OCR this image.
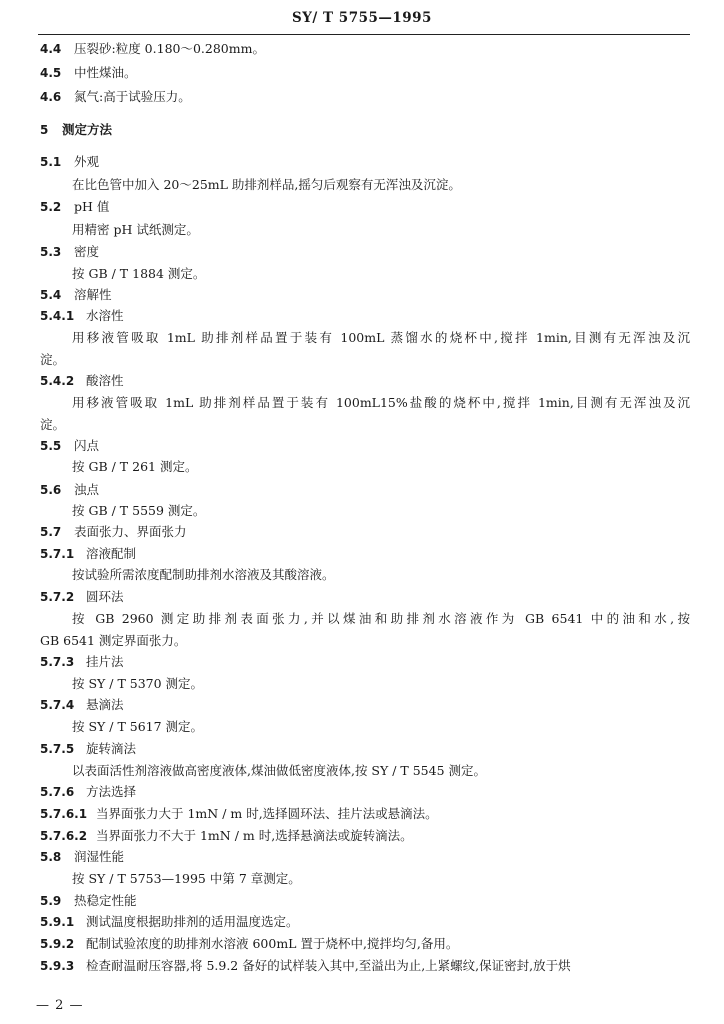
SY/ T 5755—1995
4.4 压裂砂:粒度 0.180～0.280mm。
4.5 中性煤油。
4.6 氮气:高于试验压力。
5 测定方法
5.1 外观
在比色管中加入 20～25mL 助排剂样品,摇匀后观察有无浑浊及沉淀。
5.2 pH 值
用精密 pH 试纸测定。
5.3 密度
按 GB / T 1884 测定。
5.4 溶解性
5.4.1 水溶性
用移液管吸取 1mL 助排剂样品置于装有 100mL 蒸馏水的烧杯中,搅拌 1min,目测有无浑浊及沉
淀。
5.4.2 酸溶性
用移液管吸取 1mL 助排剂样品置于装有 100mL15%盐酸的烧杯中,搅拌 1min,目测有无浑浊及沉
淀。
5.5 闪点
按 GB / T 261 测定。
5.6 浊点
按 GB / T 5559 测定。
5.7 表面张力、界面张力
5.7.1 溶液配制
按试验所需浓度配制助排剂水溶液及其酸溶液。
5.7.2 圆环法
按 GB 2960 测定助排剂表面张力,并以煤油和助排剂水溶液作为 GB 6541 中的油和水,按
GB 6541 测定界面张力。
5.7.3 挂片法
按 SY / T 5370 测定。
5.7.4 悬滴法
按 SY / T 5617 测定。
5.7.5 旋转滴法
以表面活性剂溶液做高密度液体,煤油做低密度液体,按 SY / T 5545 测定。
5.7.6 方法选择
5.7.6.1 当界面张力大于 1mN / m 时,选择圆环法、挂片法或悬滴法。
5.7.6.2 当界面张力不大于 1mN / m 时,选择悬滴法或旋转滴法。
5.8 润湿性能
按 SY / T 5753—1995 中第 7 章测定。
5.9 热稳定性能
5.9.1 测试温度根据助排剂的适用温度选定。
5.9.2 配制试验浓度的助排剂水溶液 600mL 置于烧杯中,搅拌均匀,备用。
5.9.3 检查耐温耐压容器,将 5.9.2 备好的试样装入其中,至溢出为止,上紧螺纹,保证密封,放于烘
— 2 —
